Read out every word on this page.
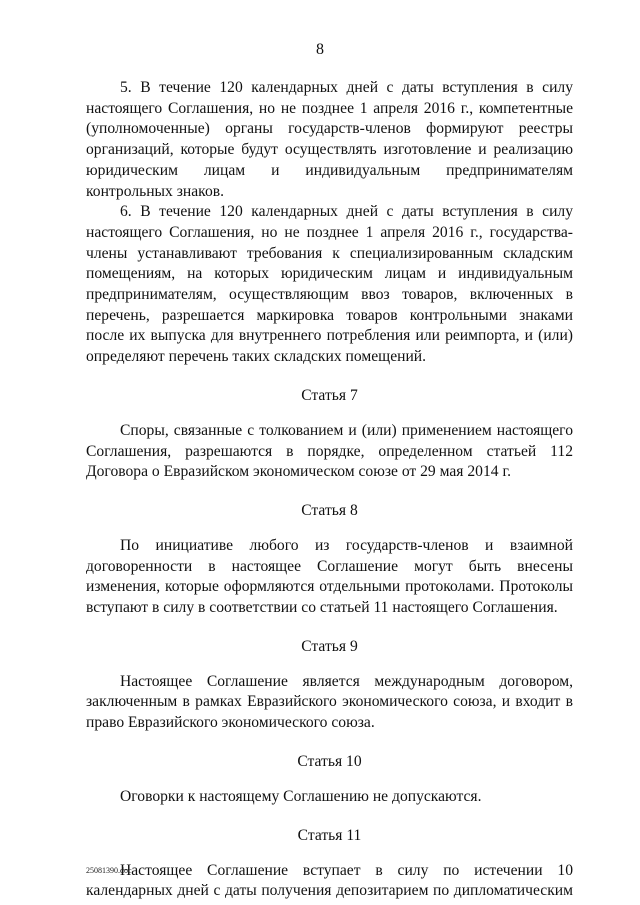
8

5. В течение 120 календарных дней с даты вступления в силу настоящего Соглашения, но не позднее 1 апреля 2016 г., компетентные (уполномоченные) органы государств-членов формируют реестры организаций, которые будут осуществлять изготовление и реализацию юридическим лицам и индивидуальным предпринимателям контрольных знаков.

6. В течение 120 календарных дней с даты вступления в силу настоящего Соглашения, но не позднее 1 апреля 2016 г., государства-члены устанавливают требования к специализированным складским помещениям, на которых юридическим лицам и индивидуальным предпринимателям, осуществляющим ввоз товаров, включенных в перечень, разрешается маркировка товаров контрольными знаками после их выпуска для внутреннего потребления или реимпорта, и (или) определяют перечень таких складских помещений.

Статья 7

Споры, связанные с толкованием и (или) применением настоящего Соглашения, разрешаются в порядке, определенном статьей 112 Договора о Евразийском экономическом союзе от 29 мая 2014 г.

Статья 8

По инициативе любого из государств-членов и взаимной договоренности в настоящее Соглашение могут быть внесены изменения, которые оформляются отдельными протоколами. Протоколы вступают в силу в соответствии со статьей 11 настоящего Соглашения.

Статья 9

Настоящее Соглашение является международным договором, заключенным в рамках Евразийского экономического союза, и входит в право Евразийского экономического союза.

Статья 10

Оговорки к настоящему Соглашению не допускаются.

Статья 11

Настоящее Соглашение вступает в силу по истечении 10 календарных дней с даты получения депозитарием по дипломатическим

25081390.doc
